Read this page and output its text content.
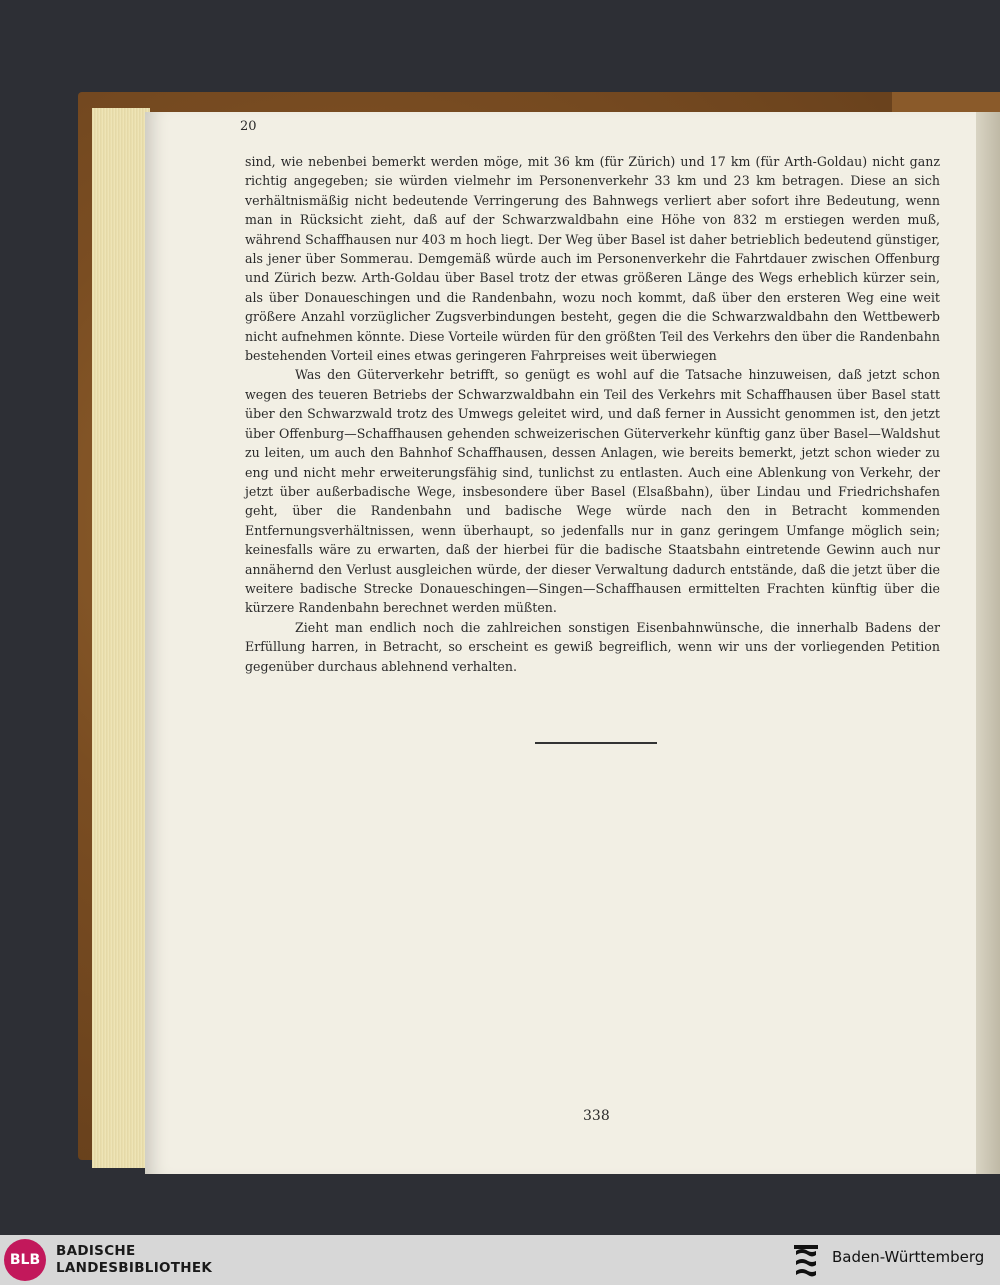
20

sind, wie nebenbei bemerkt werden möge, mit 36 km (für Zürich) und 17 km (für Arth-Goldau) nicht ganz richtig angegeben; sie würden vielmehr im Personenverkehr 33 km und 23 km betragen. Diese an sich verhältnismäßig nicht bedeutende Verringerung des Bahnwegs verliert aber sofort ihre Bedeutung, wenn man in Rücksicht zieht, daß auf der Schwarzwaldbahn eine Höhe von 832 m erstiegen werden muß, während Schaffhausen nur 403 m hoch liegt. Der Weg über Basel ist daher betrieblich bedeutend günstiger, als jener über Sommerau. Demgemäß würde auch im Personenverkehr die Fahrtdauer zwischen Offenburg und Zürich bezw. Arth-Goldau über Basel trotz der etwas größeren Länge des Wegs erheblich kürzer sein, als über Donaueschingen und die Randenbahn, wozu noch kommt, daß über den ersteren Weg eine weit größere Anzahl vorzüglicher Zugsverbindungen besteht, gegen die die Schwarzwaldbahn den Wettbewerb nicht aufnehmen könnte. Diese Vorteile würden für den größten Teil des Verkehrs den über die Randenbahn bestehenden Vorteil eines etwas geringeren Fahrpreises weit überwiegen

Was den Güterverkehr betrifft, so genügt es wohl auf die Tatsache hinzuweisen, daß jetzt schon wegen des teueren Betriebs der Schwarzwaldbahn ein Teil des Verkehrs mit Schaffhausen über Basel statt über den Schwarzwald trotz des Umwegs geleitet wird, und daß ferner in Aussicht genommen ist, den jetzt über Offenburg—Schaffhausen gehenden schweizerischen Güterverkehr künftig ganz über Basel—Waldshut zu leiten, um auch den Bahnhof Schaffhausen, dessen Anlagen, wie bereits bemerkt, jetzt schon wieder zu eng und nicht mehr erweiterungsfähig sind, tunlichst zu entlasten. Auch eine Ablenkung von Verkehr, der jetzt über außerbadische Wege, insbesondere über Basel (Elsaßbahn), über Lindau und Friedrichshafen geht, über die Randenbahn und badische Wege würde nach den in Betracht kommenden Entfernungsverhältnissen, wenn überhaupt, so jedenfalls nur in ganz geringem Umfange möglich sein; keinesfalls wäre zu erwarten, daß der hierbei für die badische Staatsbahn eintretende Gewinn auch nur annähernd den Verlust ausgleichen würde, der dieser Verwaltung dadurch entstände, daß die jetzt über die weitere badische Strecke Donaueschingen—Singen—Schaffhausen ermittelten Frachten künftig über die kürzere Randenbahn berechnet werden müßten.

Zieht man endlich noch die zahlreichen sonstigen Eisenbahnwünsche, die innerhalb Badens der Erfüllung harren, in Betracht, so erscheint es gewiß begreiflich, wenn wir uns der vorliegenden Petition gegenüber durchaus ablehnend verhalten.

338
BLB
BADISCHE
LANDESBIBLIOTHEK
Baden-Württemberg
